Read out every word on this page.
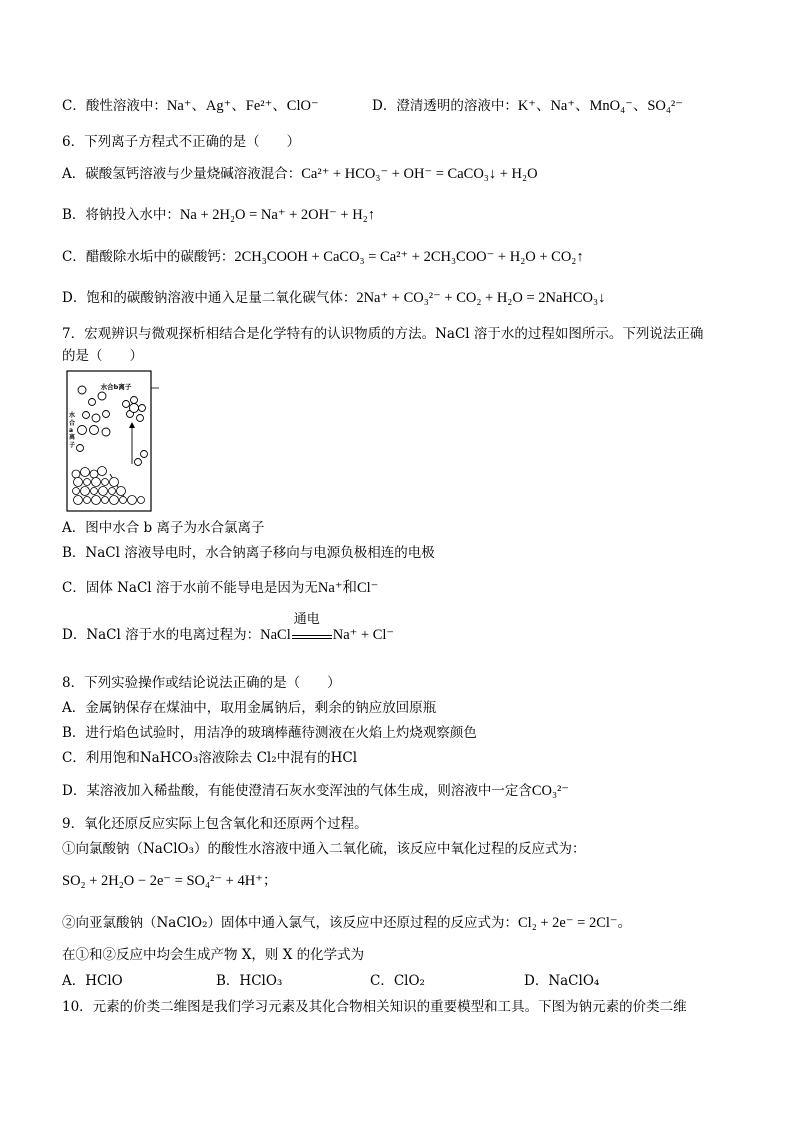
C．酸性溶液中：Na⁺、Ag⁺、Fe²⁺、ClO⁻	D．澄清透明的溶液中：K⁺、Na⁺、MnO₄⁻、SO₄²⁻
6．下列离子方程式不正确的是（　　）
A．碳酸氢钙溶液与少量烧碱溶液混合：Ca²⁺ + HCO₃⁻ + OH⁻ = CaCO₃↓ + H₂O
B．将钠投入水中：Na + 2H₂O = Na⁺ + 2OH⁻ + H₂↑
C．醋酸除水垢中的碳酸钙：2CH₃COOH + CaCO₃ = Ca²⁺ + 2CH₃COO⁻ + H₂O + CO₂↑
D．饱和的碳酸钠溶液中通入足量二氧化碳气体：2Na⁺ + CO₃²⁻ + CO₂ + H₂O = 2NaHCO₃↓
7．宏观辨识与微观探析相结合是化学特有的认识物质的方法。NaCl 溶于水的过程如图所示。下列说法正确
的是（　　）
水合b离子
水
合
a
离
子
A．图中水合 b 离子为水合氯离子
B．NaCl 溶液导电时，水合钠离子移向与电源负极相连的电极
C．固体 NaCl 溶于水前不能导电是因为无Na⁺和Cl⁻
D．NaCl 溶于水的电离过程为：NaCl
通电
Na⁺ + Cl⁻
8．下列实验操作或结论说法正确的是（　　）
A．金属钠保存在煤油中，取用金属钠后，剩余的钠应放回原瓶
B．进行焰色试验时，用洁净的玻璃棒蘸待测液在火焰上灼烧观察颜色
C．利用饱和NaHCO₃溶液除去 Cl₂中混有的HCl
D．某溶液加入稀盐酸，有能使澄清石灰水变浑浊的气体生成，则溶液中一定含CO₃²⁻
9．氧化还原反应实际上包含氧化和还原两个过程。
①向氯酸钠（NaClO₃）的酸性水溶液中通入二氧化硫，该反应中氧化过程的反应式为：
SO₂ + 2H₂O − 2e⁻ = SO₄²⁻ + 4H⁺；
②向亚氯酸钠（NaClO₂）固体中通入氯气，该反应中还原过程的反应式为：Cl₂ + 2e⁻ = 2Cl⁻。
在①和②反应中均会生成产物 X，则 X 的化学式为
A．HClO	B．HClO₃	C．ClO₂	D．NaClO₄
10．元素的价类二维图是我们学习元素及其化合物相关知识的重要模型和工具。下图为钠元素的价类二维
